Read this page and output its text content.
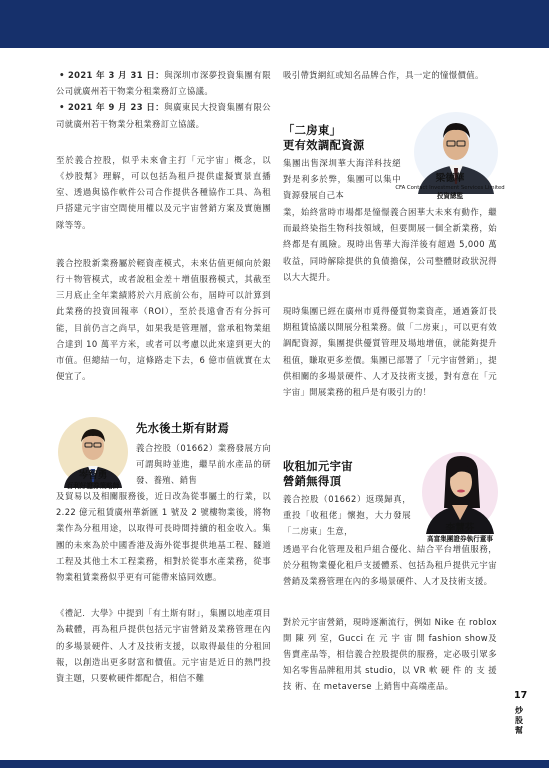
• 2021 年 3 月 31 日：與深圳市深夢投資集團有限公司就廣州若干物業分租業務訂立協議。

• 2021 年 9 月 23 日：與廣東民大投資集團有限公司就廣州若干物業分租業務訂立協議。

至於義合控股，似乎未來會主打「元宇宙」概念，以《炒股幫》理解，可以包括為租戶提供虛擬實景直播室、透過與協作軟件公司合作提供各種協作工具、為租戶搭建元宇宙空間使用權以及元宇宙營銷方案及實施團隊等等。

義合控股新業務屬於輕資產模式，未來估值更傾向於銀行＋物管模式，或者說租金差＋增值服務模式，其截至三月底止全年業績將於六月底前公布，屆時可以計算到此業務的投資回報率（ROI），至於長遠會否有分拆可能，目前仍言之尚早，如果我是管理層，當承租物業組合達到 10 萬平方米，或者可以考慮以此來達到更大的市值。但總結一句，這條路走下去，6 億市值就實在太便宜了。

岑智勇
百利好證券策略師
先水後土斯有財焉

義合控股（01662）業務發展方向可謂與時並進，繼早前水產品的研發、養殖、銷售

及貿易以及相關服務後，近日改為從事屬土的行業，以 2.22 億元租賃廣州華新匯 1 號及 2 號樓物業後，將物業作為分租用途，以取得可長時間持續的租金收入。集團的未來為於中國香港及海外從事提供地基工程、隧道工程及其他土木工程業務，相對於從事水產業務，從事物業租賃業務似乎更有可能帶來協同效應。

《禮記．大學》中提到「有土斯有財」，集團以地產項目為載體，再為租戶提供包括元宇宙營銷及業務管理在內的多場景硬件、人才及技術支援，以取得最佳的分租回報，以創造出更多財富和價值。元宇宙是近日的熱門投資主題，只要軟硬件都配合，相信不難

吸引帶貨網紅或知名品牌合作，具一定的憧憬價值。

「二房東」
更有效調配資源

集團出售深圳華大海洋科技絕對是利多於弊，集團可以集中資源發展自己本

梁德華
CFA Contact Investment Services Limited
投資總監

業，始終當時市場都是憧憬義合困華大未來有動作，繼而最終染指生物科技領域，但要開展一個全新業務，始終都是有風險。現時出售華大海洋後有超過 5,000 萬收益，同時解除提供的負債擔保，公司整體財政狀況得以大大提升。

現時集團已經在廣州市覓得優質物業資產，通過簽訂長期租賃協議以開展分租業務。做「二房東」，可以更有效調配資源，集團提供優質管理及場地增值，就能夠提升租值，賺取更多差價。集團已部署了「元宇宙營銷」，提供相關的多場景硬件、人才及技術支援，對有意在「元宇宙」開展業務的租戶是有吸引力的！

收租加元宇宙
營銷無得頂

義合控股（01662）返璞歸真，重投「收租佬」懷抱，大力發展「二房東」生意，	李慧芬
高富集團證券執行董事

透過平台化管理及租戶組合優化、結合平台增值服務，於分租物業優化租戶支援體系、包括為租戶提供元宇宙營銷及業務管理在內的多場景硬件、人才及技術支援。

對於元宇宙營銷，現時逐漸流行，例如 Nike 在 roblox 開 陳 列 室，Gucci 在 元 宇 宙 開 fashion show及售賣產品等，相信義合控股提供的服務，定必吸引眾多知名零售品牌租用其 studio，以 VR 軟 硬 件 的 支 援 技 術、在 metaverse 上銷售中高端產品。

17
炒股幫
